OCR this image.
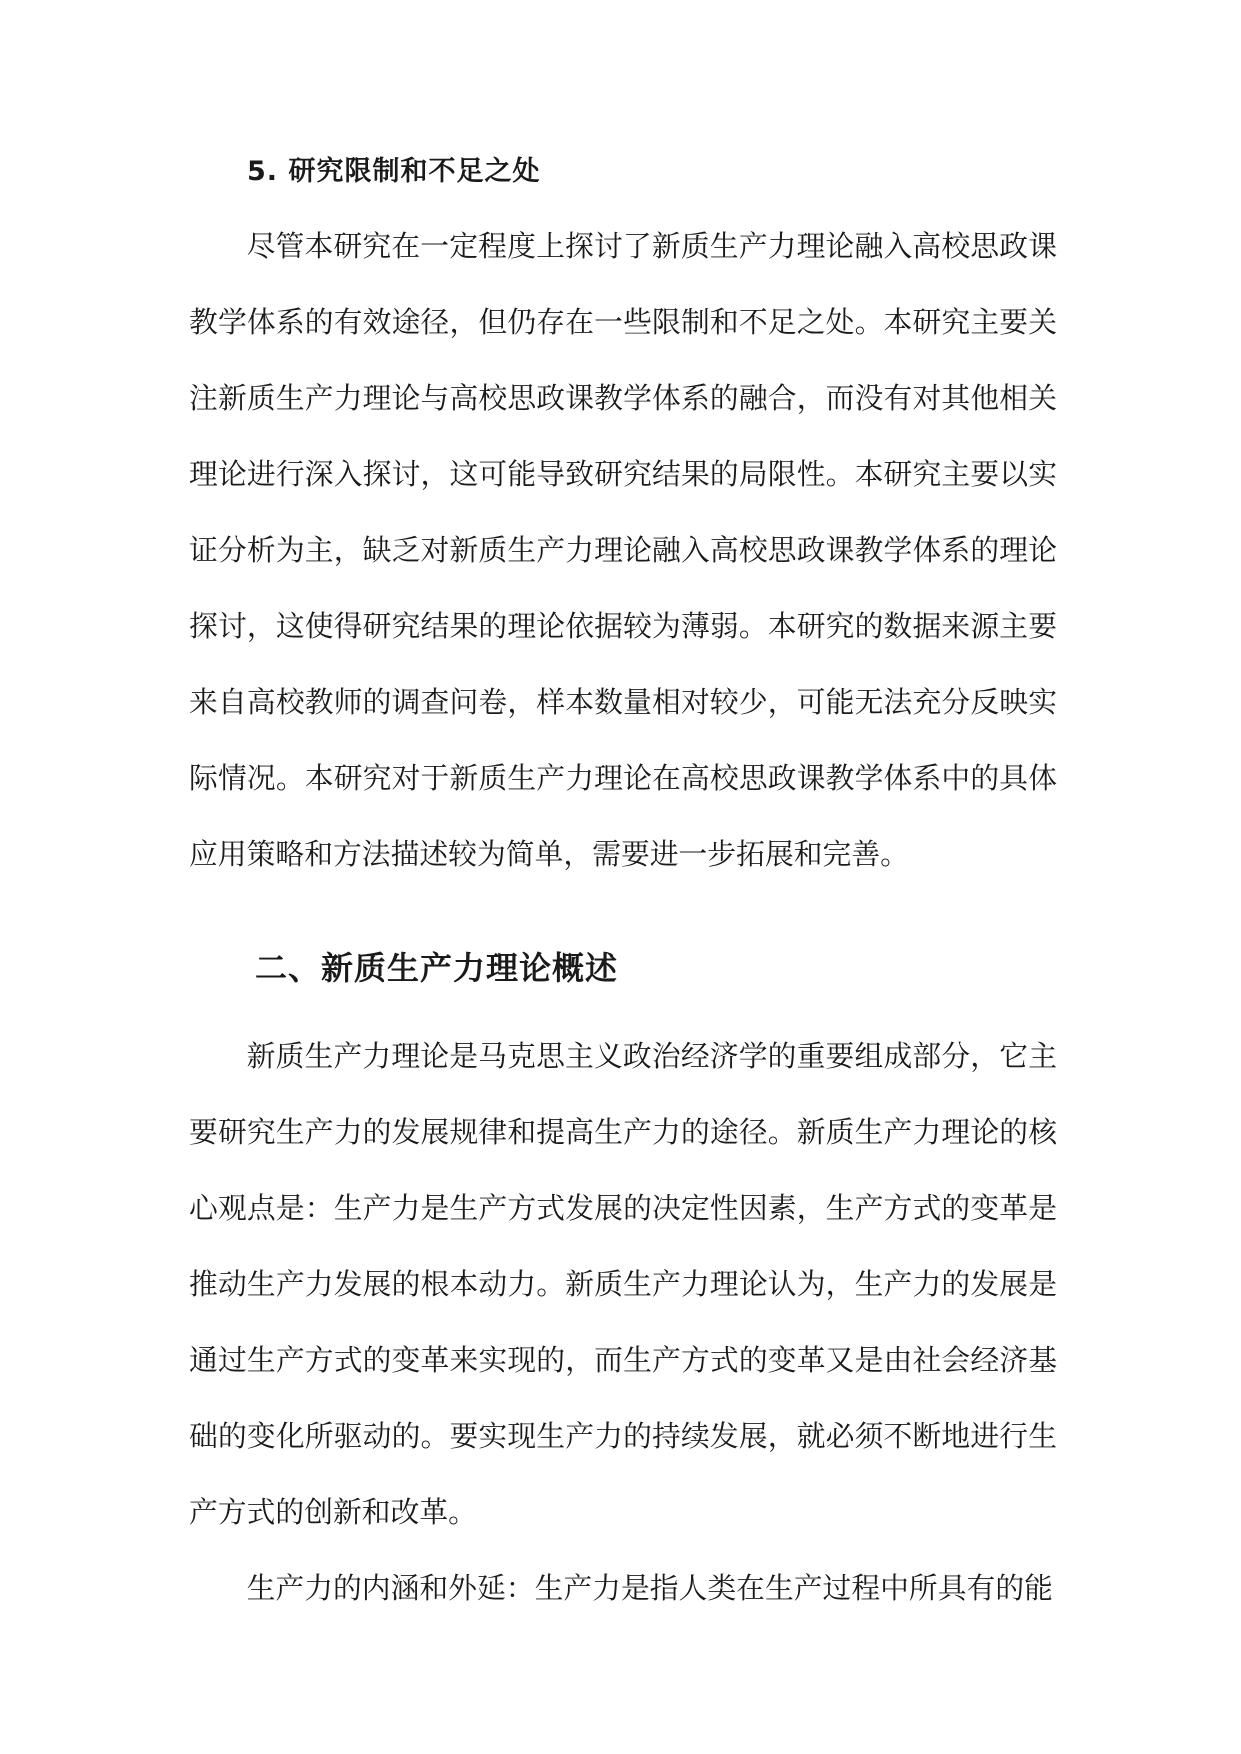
5. 研究限制和不足之处

尽管本研究在一定程度上探讨了新质生产力理论融入高校思政课教学体系的有效途径，但仍存在一些限制和不足之处。本研究主要关注新质生产力理论与高校思政课教学体系的融合，而没有对其他相关理论进行深入探讨，这可能导致研究结果的局限性。本研究主要以实证分析为主，缺乏对新质生产力理论融入高校思政课教学体系的理论探讨，这使得研究结果的理论依据较为薄弱。本研究的数据来源主要来自高校教师的调查问卷，样本数量相对较少，可能无法充分反映实际情况。本研究对于新质生产力理论在高校思政课教学体系中的具体应用策略和方法描述较为简单，需要进一步拓展和完善。

二、新质生产力理论概述

新质生产力理论是马克思主义政治经济学的重要组成部分，它主要研究生产力的发展规律和提高生产力的途径。新质生产力理论的核心观点是：生产力是生产方式发展的决定性因素，生产方式的变革是推动生产力发展的根本动力。新质生产力理论认为，生产力的发展是通过生产方式的变革来实现的，而生产方式的变革又是由社会经济基础的变化所驱动的。要实现生产力的持续发展，就必须不断地进行生产方式的创新和改革。

生产力的内涵和外延：生产力是指人类在生产过程中所具有的能
